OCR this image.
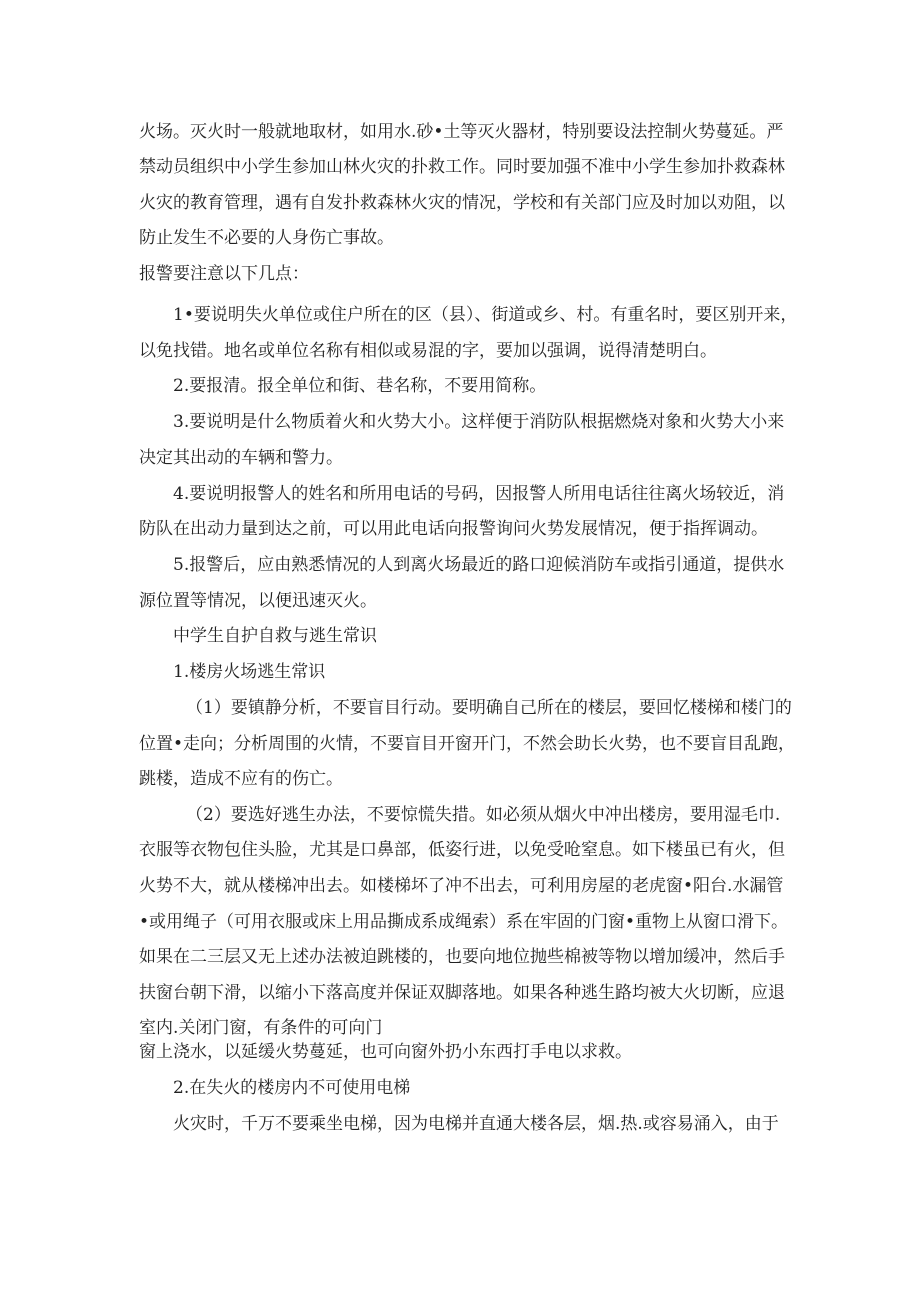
火场。灭火时一般就地取材，如用水.砂•土等灭火器材，特别要设法控制火势蔓延。严

禁动员组织中小学生参加山林火灾的扑救工作。同时要加强不准中小学生参加扑救森林

火灾的教育管理，遇有自发扑救森林火灾的情况，学校和有关部门应及时加以劝阻，以

防止发生不必要的人身伤亡事故。

报警要注意以下几点：

1•要说明失火单位或住户所在的区（县）、街道或乡、村。有重名时，要区别开来，

以免找错。地名或单位名称有相似或易混的字，要加以强调，说得清楚明白。

2.要报清。报全单位和街、巷名称，不要用简称。

3.要说明是什么物质着火和火势大小。这样便于消防队根据燃烧对象和火势大小来

决定其出动的车辆和警力。

4.要说明报警人的姓名和所用电话的号码，因报警人所用电话往往离火场较近，消

防队在出动力量到达之前，可以用此电话向报警询问火势发展情况，便于指挥调动。

5.报警后，应由熟悉情况的人到离火场最近的路口迎候消防车或指引通道，提供水

源位置等情况，以便迅速灭火。

中学生自护自救与逃生常识

1.楼房火场逃生常识

（1）要镇静分析，不要盲目行动。要明确自己所在的楼层，要回忆楼梯和楼门的

位置•走向；分析周围的火情，不要盲目开窗开门，不然会助长火势，也不要盲目乱跑，

跳楼，造成不应有的伤亡。

（2）要选好逃生办法，不要惊慌失措。如必须从烟火中冲出楼房，要用湿毛巾.

衣服等衣物包住头脸，尤其是口鼻部，低姿行进，以免受呛窒息。如下楼虽已有火，但

火势不大，就从楼梯冲出去。如楼梯坏了冲不出去，可利用房屋的老虎窗•阳台.水漏管

•或用绳子（可用衣服或床上用品撕成系成绳索）系在牢固的门窗•重物上从窗口滑下。

如果在二三层又无上述办法被迫跳楼的，也要向地位抛些棉被等物以增加缓冲，然后手

扶窗台朝下滑，以缩小下落高度并保证双脚落地。如果各种逃生路均被大火切断，应退

室内.关闭门窗，有条件的可向门

窗上浇水，以延缓火势蔓延，也可向窗外扔小东西打手电以求救。

2.在失火的楼房内不可使用电梯

火灾时，千万不要乘坐电梯，因为电梯并直通大楼各层，烟.热.或容易涌入，由于
